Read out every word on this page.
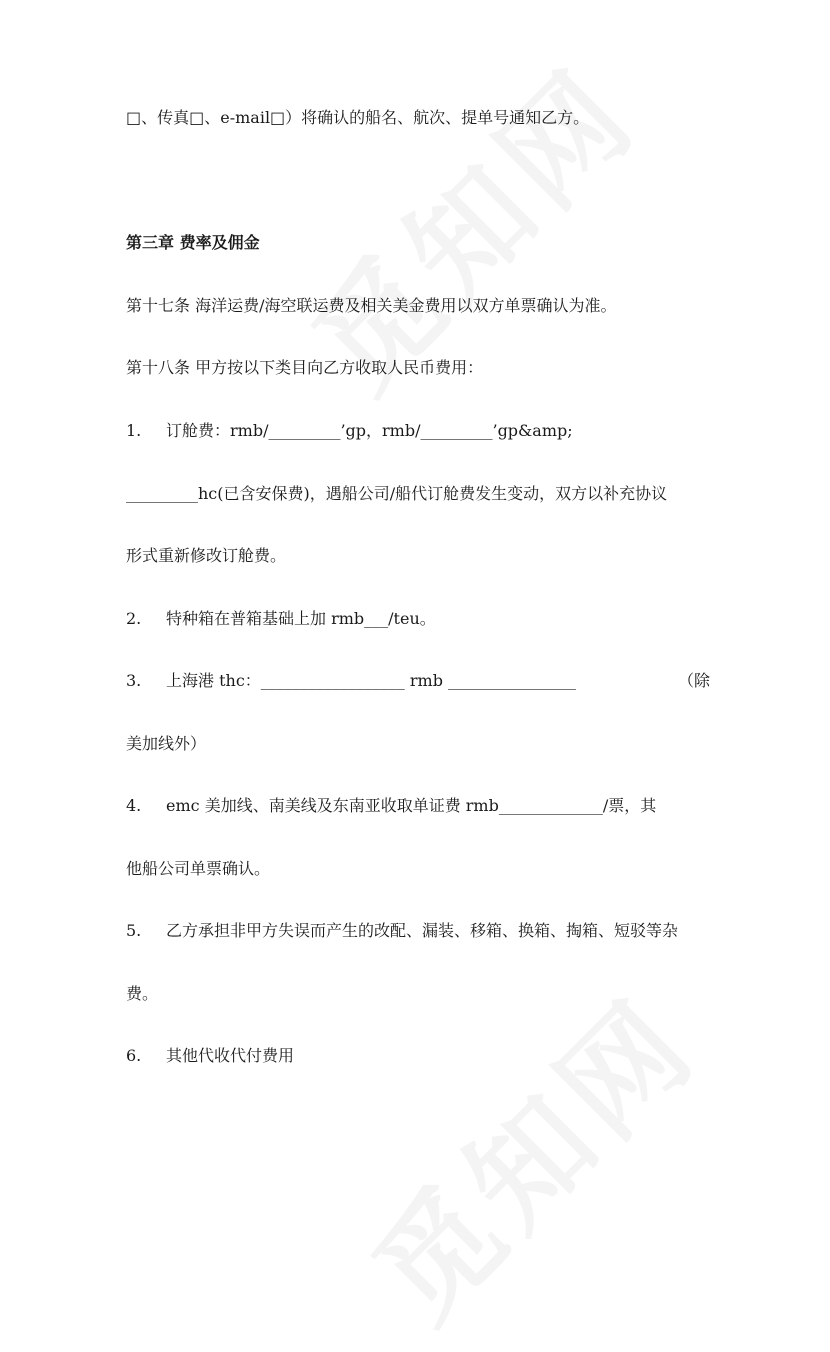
□、传真□、e-mail□）将确认的船名、航次、提单号通知乙方。
第三章 费率及佣金
第十七条 海洋运费/海空联运费及相关美金费用以双方单票确认为准。
第十八条 甲方按以下类目向乙方收取人民币费用：
1. 订舱费：rmb/_________’gp，rmb/_________’gp&amp;
_________hc(已含安保费)，遇船公司/船代订舱费发生变动，双方以补充协议
形式重新修改订舱费。
2. 特种箱在普箱基础上加 rmb___/teu。
3. 上海港 thc：__________________ rmb ________________	（除
美加线外）
4. emc 美加线、南美线及东南亚收取单证费 rmb_____________/票，其
他船公司单票确认。
5. 乙方承担非甲方失误而产生的改配、漏装、移箱、换箱、掏箱、短驳等杂
费。
6. 其他代收代付费用
